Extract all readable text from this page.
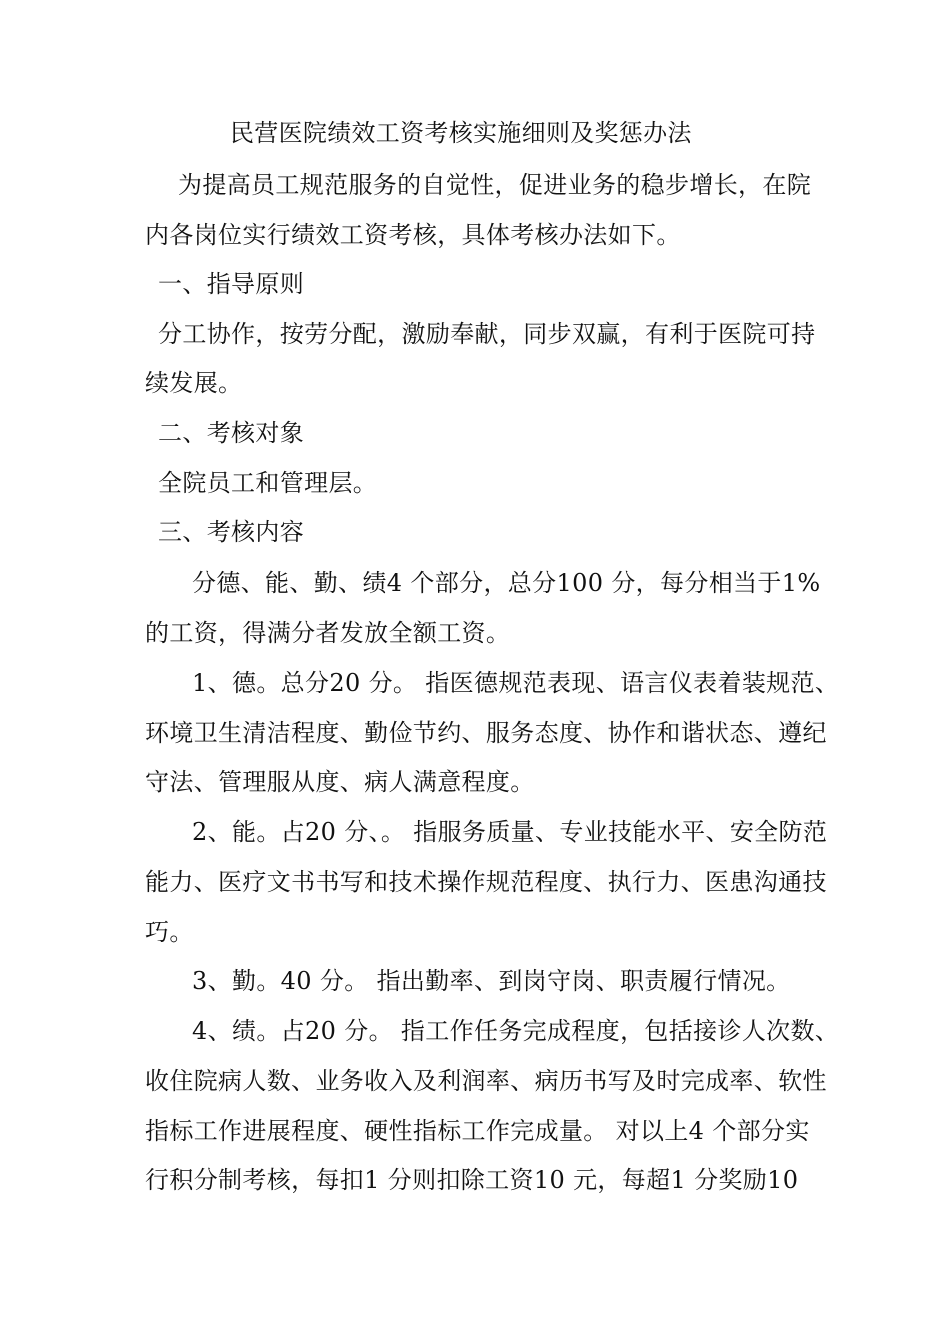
民营医院绩效工资考核实施细则及奖惩办法
为提高员工规范服务的自觉性，促进业务的稳步增长，在院
内各岗位实行绩效工资考核，具体考核办法如下。
一、指导原则
分工协作，按劳分配，激励奉献，同步双赢，有利于医院可持
续发展。
二、考核对象
全院员工和管理层。
三、考核内容
分德、能、勤、绩4 个部分，总分100 分，每分相当于1%
的工资，得满分者发放全额工资。
1、德。总分20 分。 指医德规范表现、语言仪表着装规范、
环境卫生清洁程度、勤俭节约、服务态度、协作和谐状态、遵纪
守法、管理服从度、病人满意程度。
2、能。占20 分、。 指服务质量、专业技能水平、安全防范
能力、医疗文书书写和技术操作规范程度、执行力、医患沟通技
巧。
3、勤。40 分。 指出勤率、到岗守岗、职责履行情况。
4、绩。占20 分。 指工作任务完成程度，包括接诊人次数、
收住院病人数、业务收入及利润率、病历书写及时完成率、软性
指标工作进展程度、硬性指标工作完成量。 对以上4 个部分实
行积分制考核，每扣1 分则扣除工资10 元，每超1 分奖励10
